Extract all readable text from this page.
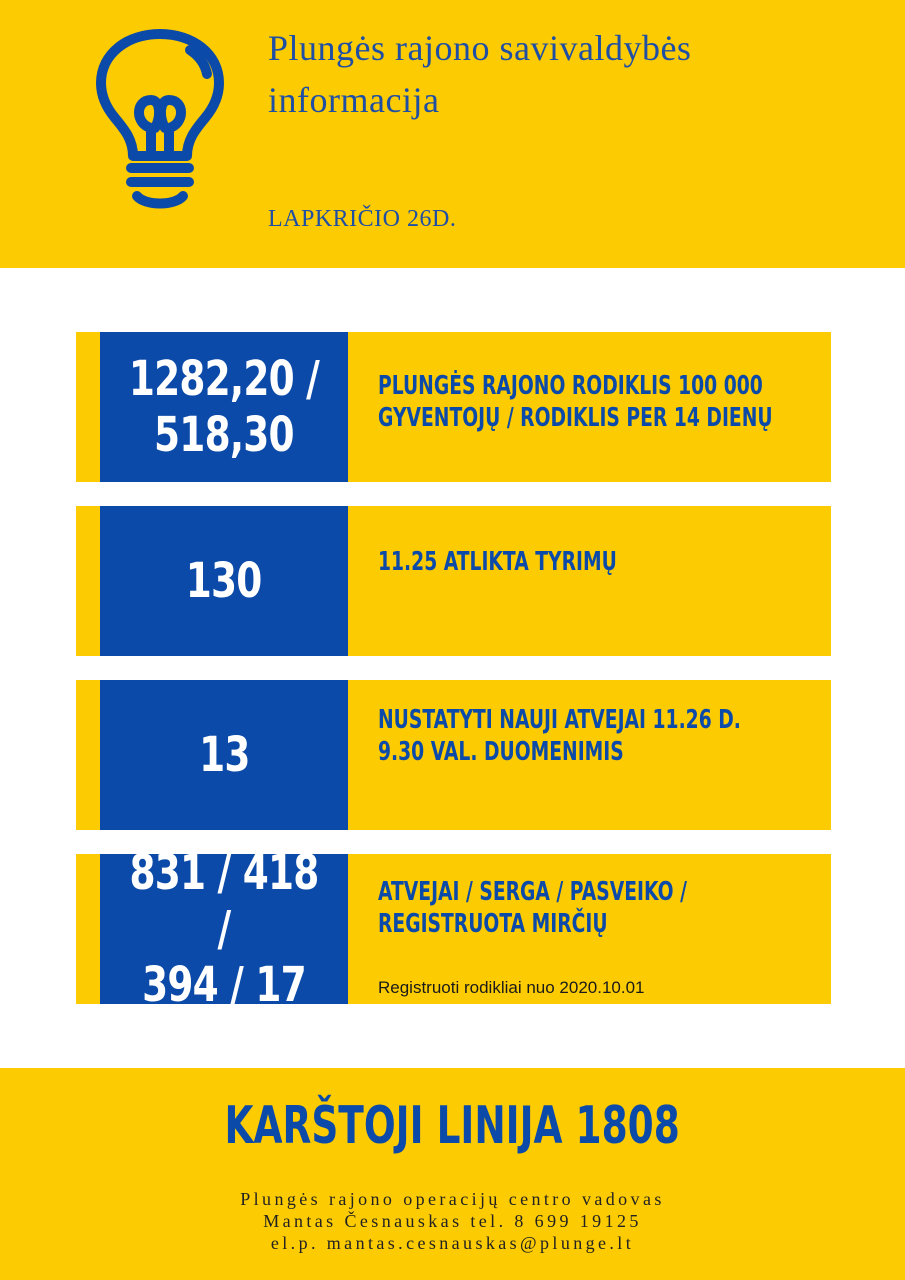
Plungės rajono savivaldybės
informacija
LAPKRIČIO 26D.
1282,20 /
518,30
PLUNGĖS RAJONO RODIKLIS 100 000
GYVENTOJŲ / RODIKLIS PER 14 DIENŲ
130	11.25 ATLIKTA TYRIMŲ
13
NUSTATYTI NAUJI ATVEJAI 11.26 D.
9.30 VAL. DUOMENIMIS
831 / 418 /
394 / 17
ATVEJAI / SERGA / PASVEIKO /
REGISTRUOTA MIRČIŲ
Registruoti rodikliai nuo 2020.10.01
KARŠTOJI LINIJA 1808
Plungės rajono operacijų centro vadovas
Mantas Česnauskas tel. 8 699 19125
el.p. mantas.cesnauskas@plunge.lt
